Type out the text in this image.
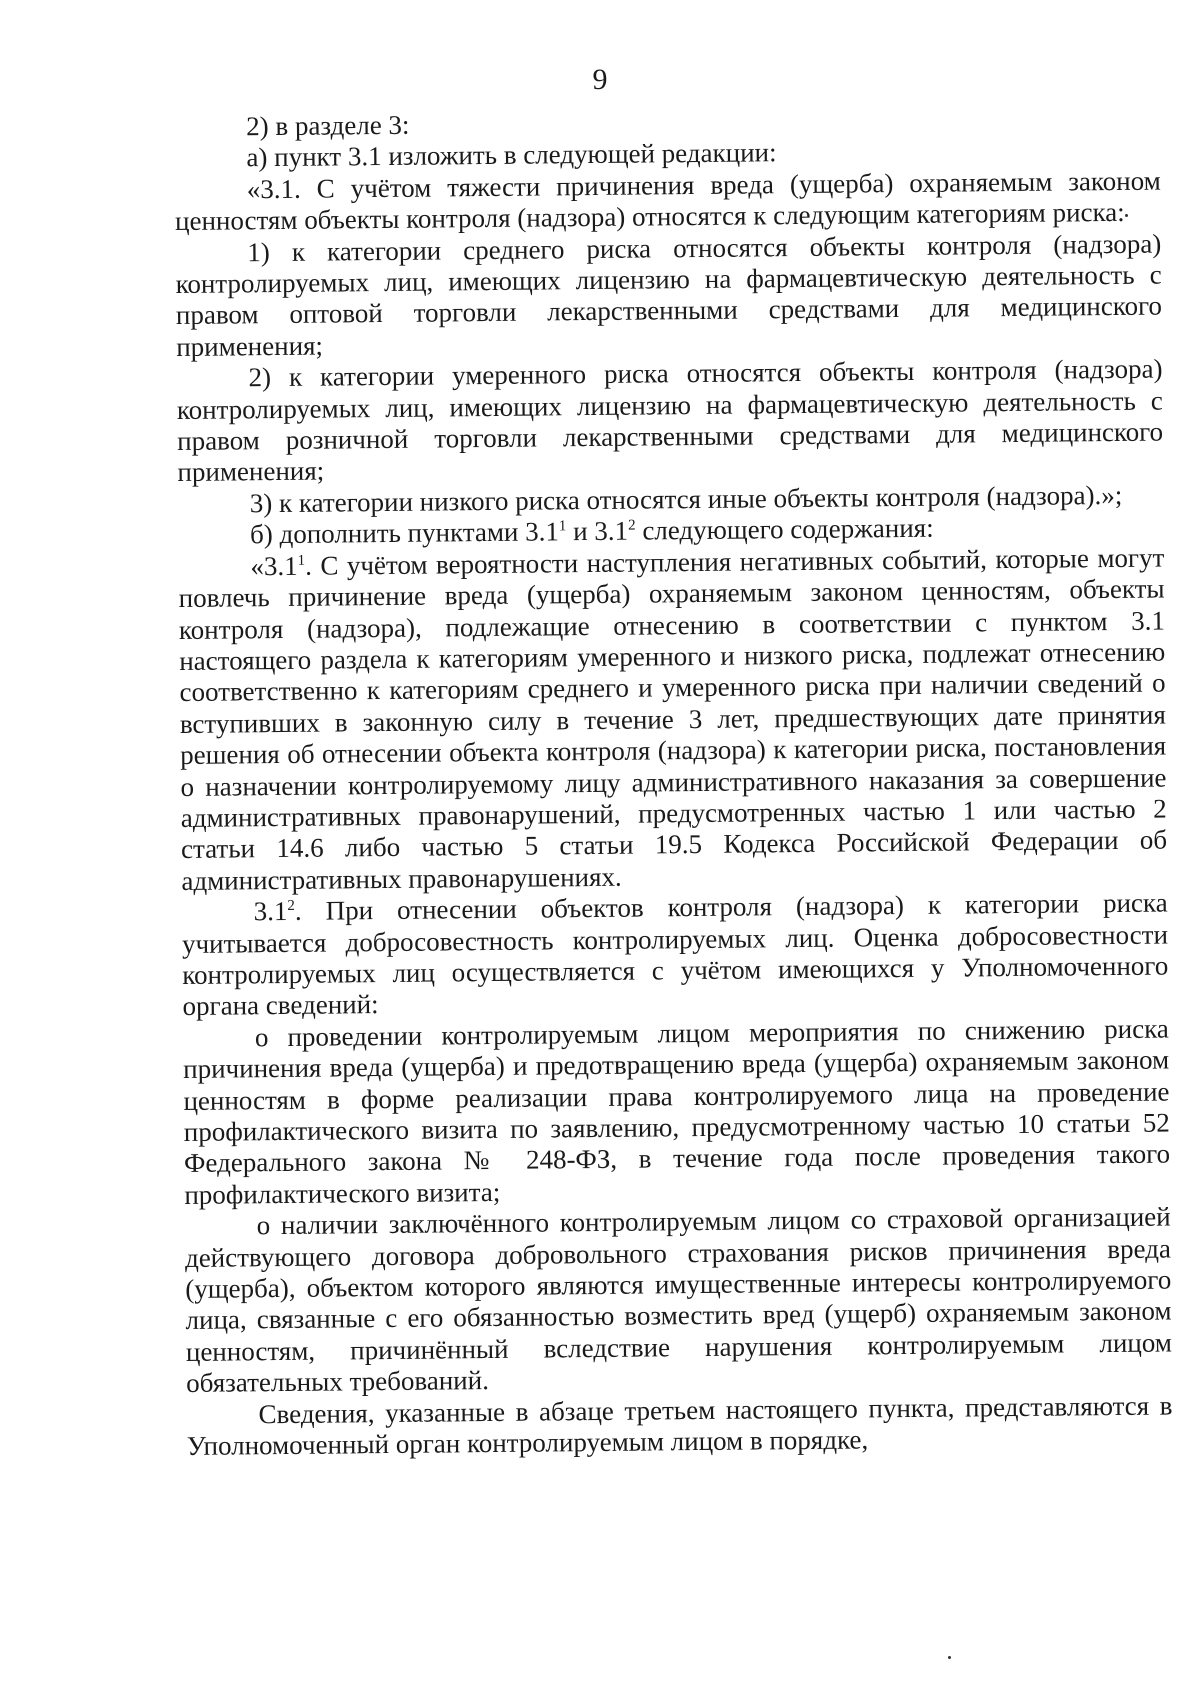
9

2) в разделе 3:

а) пункт 3.1 изложить в следующей редакции:

«3.1. С учётом тяжести причинения вреда (ущерба) охраняемым законом ценностям объекты контроля (надзора) относятся к следующим категориям риска:

1) к категории среднего риска относятся объекты контроля (надзора) контролируемых лиц, имеющих лицензию на фармацевтическую деятельность с правом оптовой торговли лекарственными средствами для медицинского применения;

2) к категории умеренного риска относятся объекты контроля (надзора) контролируемых лиц, имеющих лицензию на фармацевтическую деятельность с правом розничной торговли лекарственными средствами для медицинского применения;

3) к категории низкого риска относятся иные объекты контроля (надзора).»;

б) дополнить пунктами $3.1^1$ и $3.1^2$ следующего содержания:

«$3.1^1$. С учётом вероятности наступления негативных событий, которые могут повлечь причинение вреда (ущерба) охраняемым законом ценностям, объекты контроля (надзора), подлежащие отнесению в соответствии с пунктом 3.1 настоящего раздела к категориям умеренного и низкого риска, подлежат отнесению соответственно к категориям среднего и умеренного риска при наличии сведений о вступивших в законную силу в течение 3 лет, предшествующих дате принятия решения об отнесении объекта контроля (надзора) к категории риска, постановления о назначении контролируемому лицу административного наказания за совершение административных правонарушений, предусмотренных частью 1 или частью 2 статьи 14.6 либо частью 5 статьи 19.5 Кодекса Российской Федерации об административных правонарушениях.

$3.1^2$. При отнесении объектов контроля (надзора) к категории риска учитывается добросовестность контролируемых лиц. Оценка добросовестности контролируемых лиц осуществляется с учётом имеющихся у Уполномоченного органа сведений:

о проведении контролируемым лицом мероприятия по снижению риска причинения вреда (ущерба) и предотвращению вреда (ущерба) охраняемым законом ценностям в форме реализации права контролируемого лица на проведение профилактического визита по заявлению, предусмотренному частью 10 статьи 52 Федерального закона № 248-ФЗ, в течение года после проведения такого профилактического визита;

о наличии заключённого контролируемым лицом со страховой организацией действующего договора добровольного страхования рисков причинения вреда (ущерба), объектом которого являются имущественные интересы контролируемого лица, связанные с его обязанностью возместить вред (ущерб) охраняемым законом ценностям, причинённый вследствие нарушения контролируемым лицом обязательных требований.

Сведения, указанные в абзаце третьем настоящего пункта, представляются в Уполномоченный орган контролируемым лицом в порядке,
